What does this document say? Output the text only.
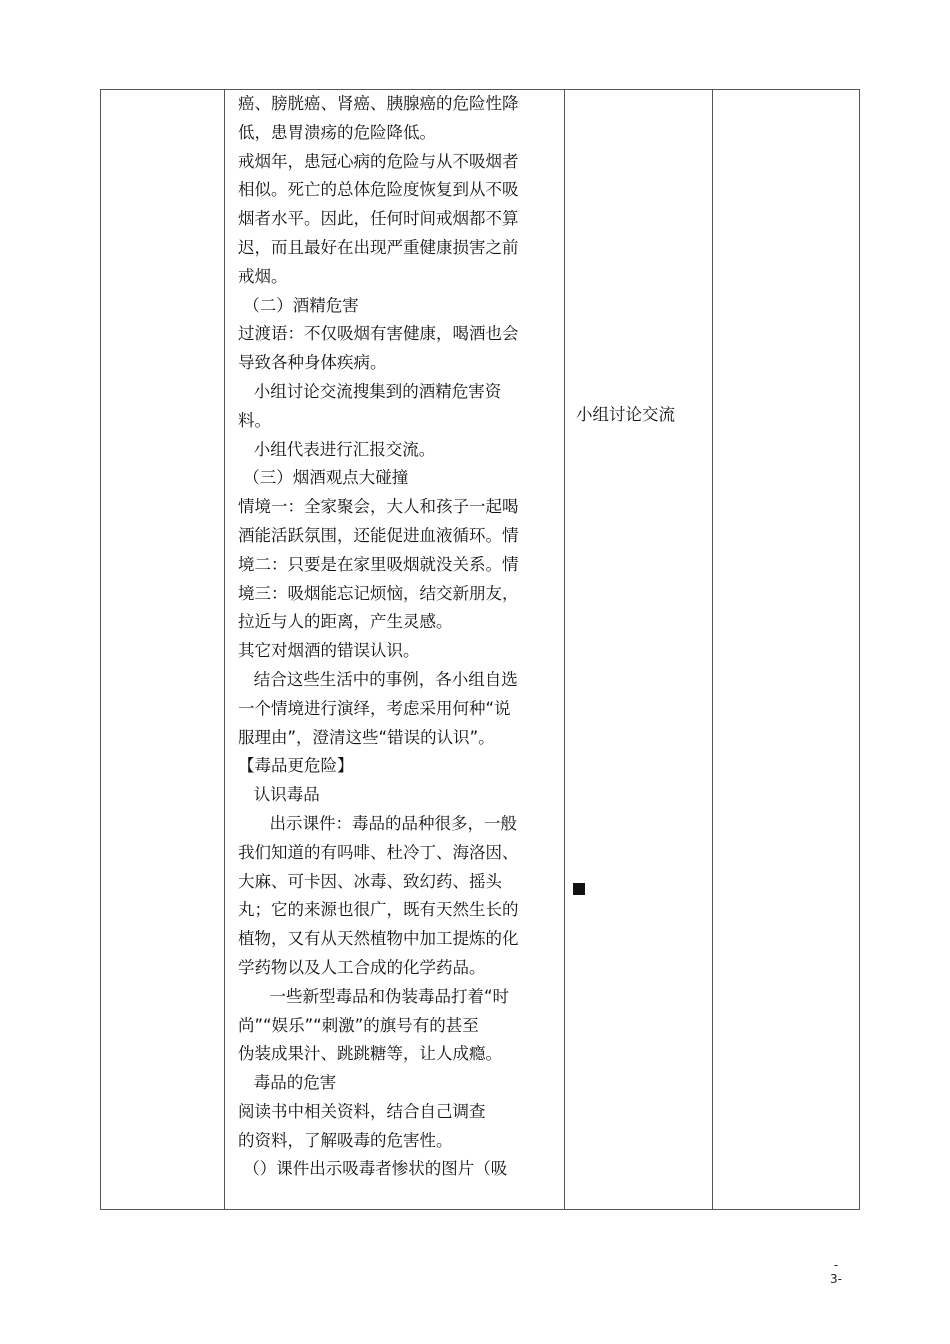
癌、膀胱癌、肾癌、胰腺癌的危险性降

低，患胃溃疡的危险降低。

戒烟年，患冠心病的危险与从不吸烟者

相似。死亡的总体危险度恢复到从不吸

烟者水平。因此，任何时间戒烟都不算

迟，而且最好在出现严重健康损害之前

戒烟。

（二）酒精危害

过渡语：不仅吸烟有害健康，喝酒也会

导致各种身体疾病。

小组讨论交流搜集到的酒精危害资

料。

小组代表进行汇报交流。

（三）烟酒观点大碰撞

情境一：全家聚会，大人和孩子一起喝

酒能活跃氛围，还能促进血液循环。情

境二：只要是在家里吸烟就没关系。情

境三：吸烟能忘记烦恼，结交新朋友，

拉近与人的距离，产生灵感。

其它对烟酒的错误认识。

结合这些生活中的事例，各小组自选

一个情境进行演绎，考虑采用何种“说

服理由”，澄清这些“错误的认识”。

【毒品更危险】

认识毒品

出示课件：毒品的品种很多，一般

我们知道的有吗啡、杜冷丁、海洛因、

大麻、可卡因、冰毒、致幻药、摇头

丸；它的来源也很广，既有天然生长的

植物，又有从天然植物中加工提炼的化

学药物以及人工合成的化学药品。

一些新型毒品和伪装毒品打着“时

尚”“娱乐”“刺激”的旗号有的甚至

伪装成果汁、跳跳糖等，让人成瘾。

毒品的危害

阅读书中相关资料，结合自己调查

的资料，了解吸毒的危害性。

（）课件出示吸毒者惨状的图片（吸

小组讨论交流

-
3-
